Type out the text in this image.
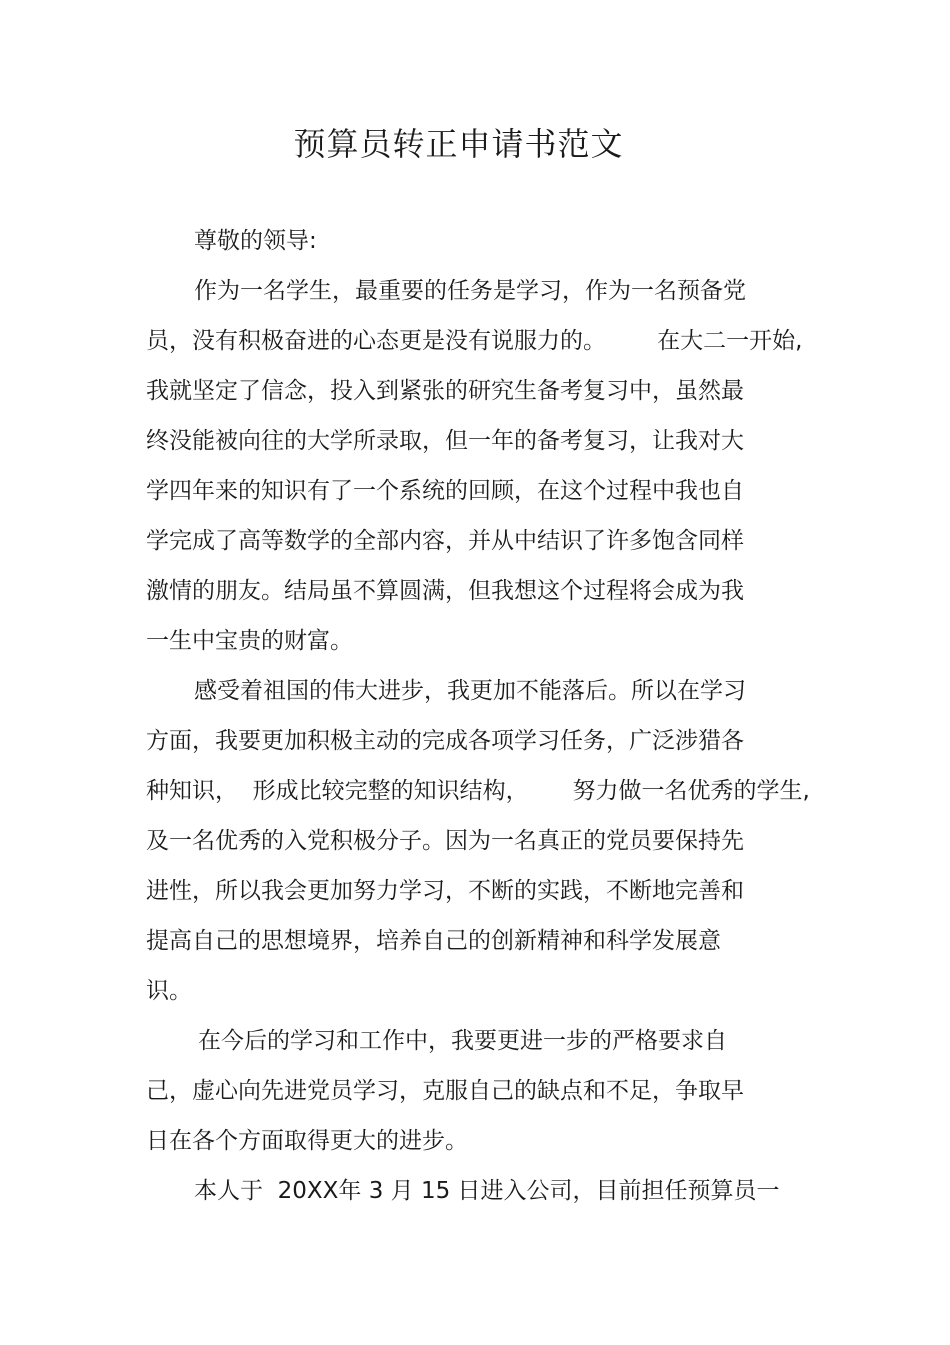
预算员转正申请书范文
尊敬的领导:
作为一名学生，最重要的任务是学习，作为一名预备党
员，没有积极奋进的心态更是没有说服力的。       在大二一开始,
我就坚定了信念，投入到紧张的研究生备考复习中，虽然最
终没能被向往的大学所录取，但一年的备考复习，让我对大
学四年来的知识有了一个系统的回顾，在这个过程中我也自
学完成了高等数学的全部内容，并从中结识了许多饱含同样
激情的朋友。结局虽不算圆满，但我想这个过程将会成为我
一生中宝贵的财富。
感受着祖国的伟大进步，我更加不能落后。所以在学习
方面，我要更加积极主动的完成各项学习任务，广泛涉猎各
种知识，  形成比较完整的知识结构，      努力做一名优秀的学生,
及一名优秀的入党积极分子。因为一名真正的党员要保持先
进性，所以我会更加努力学习，不断的实践，不断地完善和
提高自己的思想境界，培养自己的创新精神和科学发展意
识。
在今后的学习和工作中，我要更进一步的严格要求自
己，虚心向先进党员学习，克服自己的缺点和不足，争取早
日在各个方面取得更大的进步。
本人于  20XX年 3 月 15 日进入公司，目前担任预算员一
